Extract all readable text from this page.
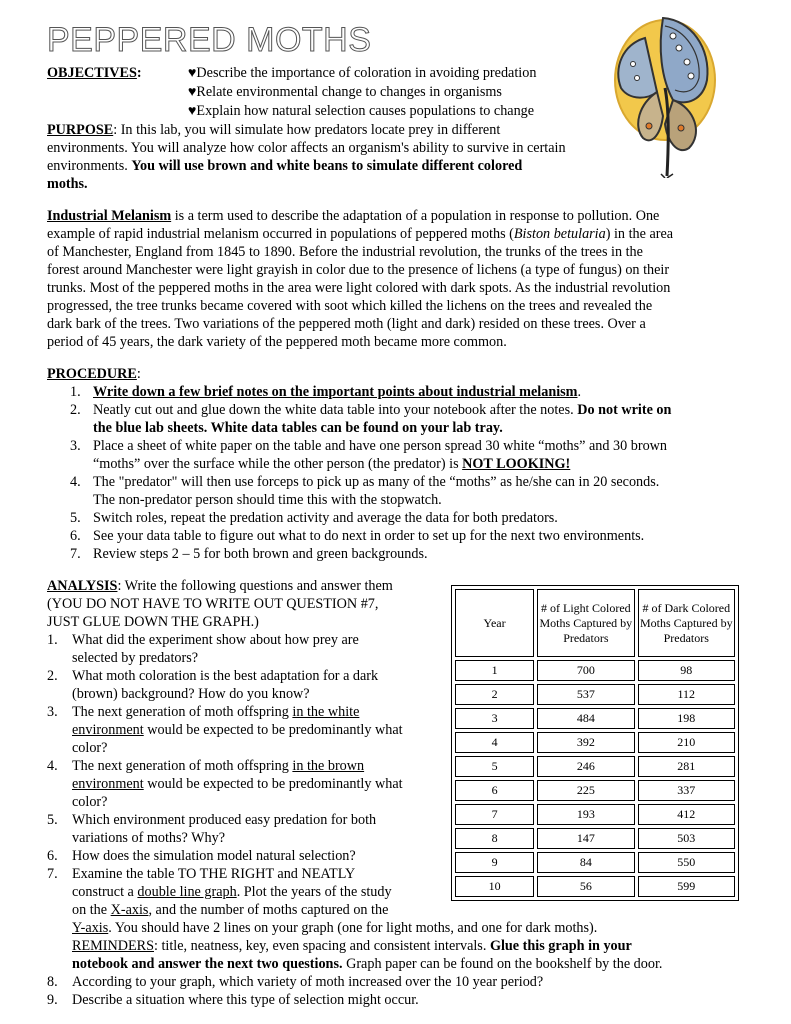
PEPPERED MOTHS
OBJECTIVES:	♥Describe the importance of coloration in avoiding predation
♥Relate environmental change to changes in organisms
♥Explain how natural selection causes populations to change
PURPOSE: In this lab, you will simulate how predators locate prey in different
environments. You will analyze how color affects an organism's ability to survive in certain
environments. You will use brown and white beans to simulate different colored
moths.
Industrial Melanism is a term used to describe the adaptation of a population in response to pollution. One
example of rapid industrial melanism occurred in populations of peppered moths (Biston betularia) in the area
of Manchester, England from 1845 to 1890. Before the industrial revolution, the trunks of the trees in the
forest around Manchester were light grayish in color due to the presence of lichens (a type of fungus) on their
trunks. Most of the peppered moths in the area were light colored with dark spots. As the industrial revolution
progressed, the tree trunks became covered with soot which killed the lichens on the trees and revealed the
dark bark of the trees. Two variations of the peppered moth (light and dark) resided on these trees. Over a
period of 45 years, the dark variety of the peppered moth became more common.
PROCEDURE:
1. Write down a few brief notes on the important points about industrial melanism.
2. Neatly cut out and glue down the white data table into your notebook after the notes. Do not write on
the blue lab sheets. White data tables can be found on your lab tray.
3. Place a sheet of white paper on the table and have one person spread 30 white “moths” and 30 brown
“moths” over the surface while the other person (the predator) is NOT LOOKING!
4. The "predator" will then use forceps to pick up as many of the “moths” as he/she can in 20 seconds.
The non-predator person should time this with the stopwatch.
5. Switch roles, repeat the predation activity and average the data for both predators.
6. See your data table to figure out what to do next in order to set up for the next two environments.
7. Review steps 2 – 5 for both brown and green backgrounds.
ANALYSIS: Write the following questions and answer them
(YOU DO NOT HAVE TO WRITE OUT QUESTION #7,
JUST GLUE DOWN THE GRAPH.)
1. What did the experiment show about how prey are
selected by predators?
2. What moth coloration is the best adaptation for a dark
(brown) background? How do you know?
3. The next generation of moth offspring in the white
environment would be expected to be predominantly what
color?
4. The next generation of moth offspring in the brown
environment would be expected to be predominantly what
color?
5. Which environment produced easy predation for both
variations of moths? Why?
6. How does the simulation model natural selection?
7. Examine the table TO THE RIGHT and NEATLY
construct a double line graph. Plot the years of the study
on the X-axis, and the number of moths captured on the
Y-axis. You should have 2 lines on your graph (one for light moths, and one for dark moths).
REMINDERS: title, neatness, key, even spacing and consistent intervals. Glue this graph in your
notebook and answer the next two questions. Graph paper can be found on the bookshelf by the door.
8. According to your graph, which variety of moth increased over the 10 year period?
9. Describe a situation where this type of selection might occur.
Year	# of Light Colored Moths Captured by Predators	# of Dark Colored Moths Captured by Predators
1	700	98
2	537	112
3	484	198
4	392	210
5	246	281
6	225	337
7	193	412
8	147	503
9	84	550
10	56	599
